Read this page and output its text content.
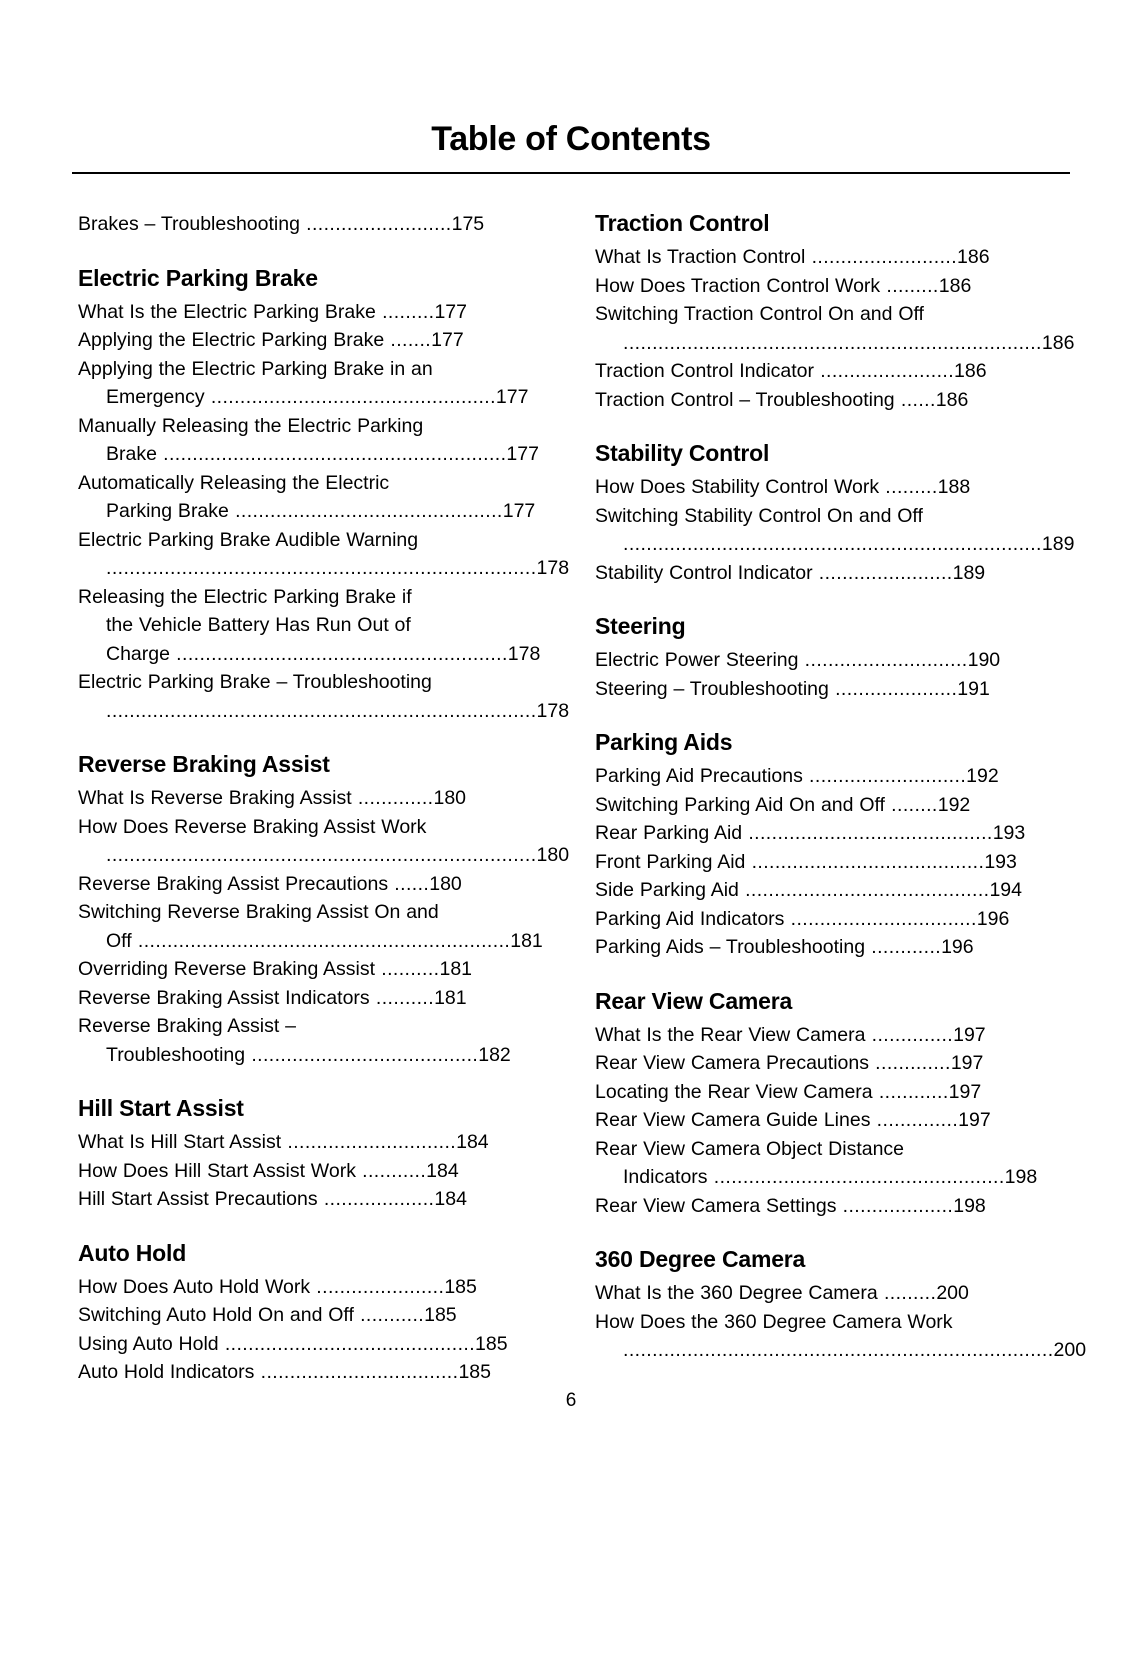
Table of Contents
Brakes – Troubleshooting .........................175
Electric Parking Brake
What Is the Electric Parking Brake .........177
Applying the Electric Parking Brake .......177
Applying the Electric Parking Brake in an
Emergency .................................................177
Manually Releasing the Electric Parking
Brake ...........................................................177
Automatically Releasing the Electric
Parking Brake ..............................................177
Electric Parking Brake Audible Warning
..........................................................................178
Releasing the Electric Parking Brake if
the Vehicle Battery Has Run Out of
Charge .........................................................178
Electric Parking Brake – Troubleshooting
..........................................................................178
Reverse Braking Assist
What Is Reverse Braking Assist .............180
How Does Reverse Braking Assist Work
..........................................................................180
Reverse Braking Assist Precautions ......180
Switching Reverse Braking Assist On and
Off ................................................................181
Overriding Reverse Braking Assist ..........181
Reverse Braking Assist Indicators ..........181
Reverse Braking Assist –
Troubleshooting .......................................182
Hill Start Assist
What Is Hill Start Assist .............................184
How Does Hill Start Assist Work ...........184
Hill Start Assist Precautions ...................184
Auto Hold
How Does Auto Hold Work ......................185
Switching Auto Hold On and Off ...........185
Using Auto Hold ...........................................185
Auto Hold Indicators ..................................185
Traction Control
What Is Traction Control .........................186
How Does Traction Control Work .........186
Switching Traction Control On and Off
........................................................................186
Traction Control Indicator .......................186
Traction Control – Troubleshooting ......186
Stability Control
How Does Stability Control Work .........188
Switching Stability Control On and Off
........................................................................189
Stability Control Indicator .......................189
Steering
Electric Power Steering ............................190
Steering – Troubleshooting .....................191
Parking Aids
Parking Aid Precautions ...........................192
Switching Parking Aid On and Off ........192
Rear Parking Aid ..........................................193
Front Parking Aid ........................................193
Side Parking Aid ..........................................194
Parking Aid Indicators ................................196
Parking Aids – Troubleshooting ............196
Rear View Camera
What Is the Rear View Camera ..............197
Rear View Camera Precautions .............197
Locating the Rear View Camera ............197
Rear View Camera Guide Lines ..............197
Rear View Camera Object Distance
Indicators ..................................................198
Rear View Camera Settings ...................198
360 Degree Camera
What Is the 360 Degree Camera .........200
How Does the 360 Degree Camera Work
..........................................................................200
6
